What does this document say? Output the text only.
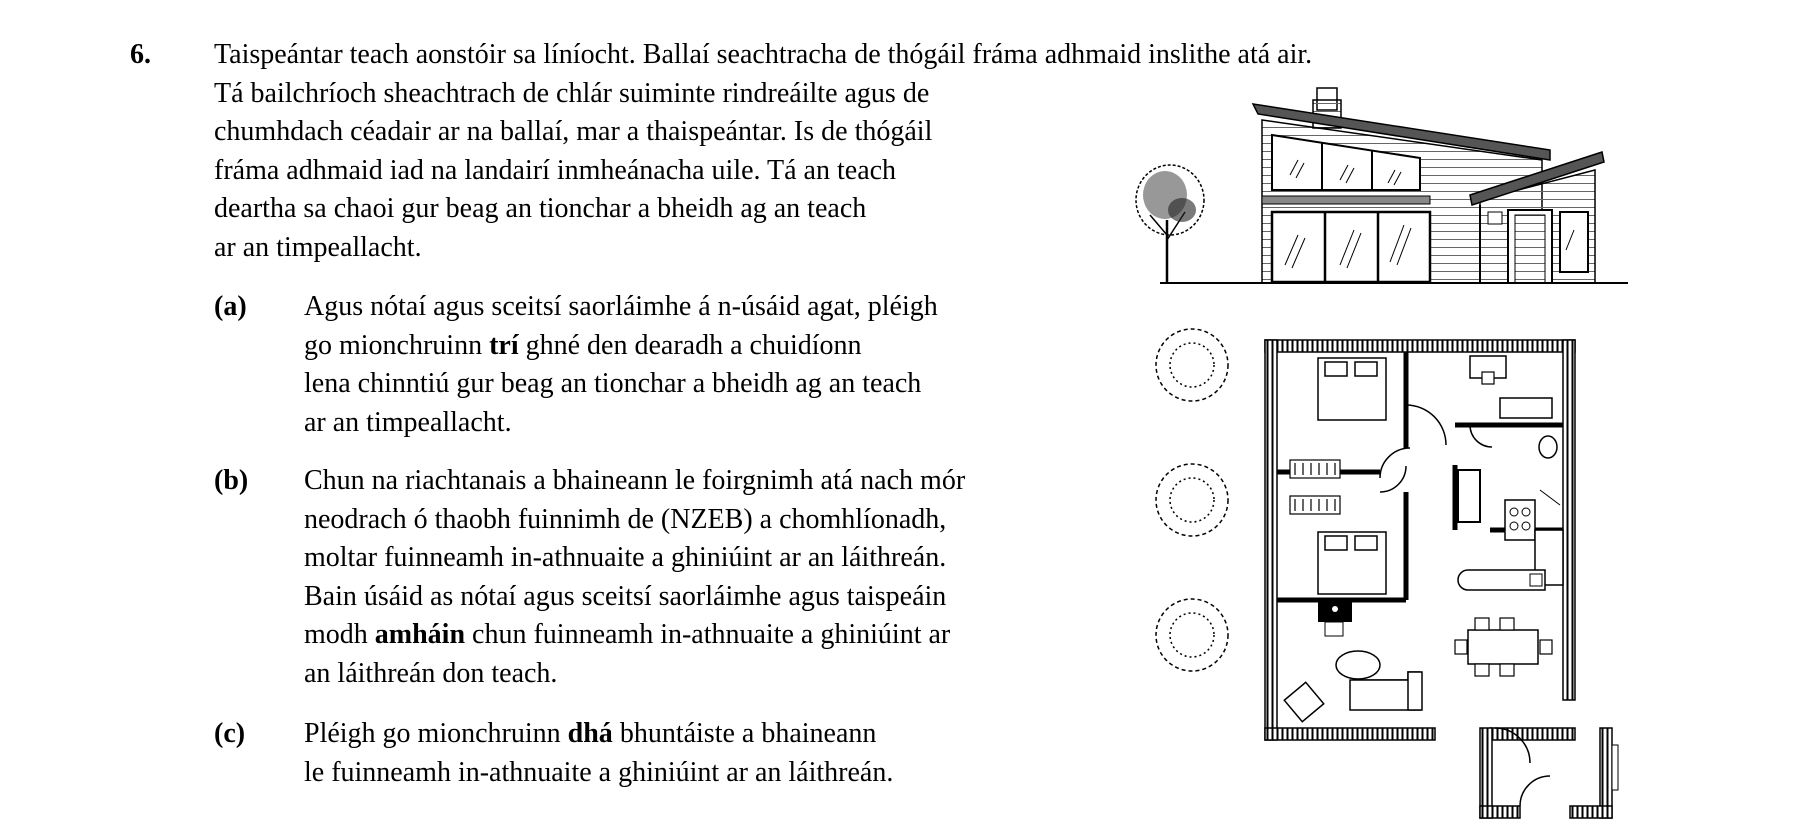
6. Taispeántar teach aonstóir sa líníocht. Ballaí seachtracha de thógáil fráma adhmaid inslithe atá air.
Tá bailchríoch sheachtrach de chlár suiminte rindreáilte agus de
chumhdach céadair ar na ballaí, mar a thaispeántar. Is de thógáil
fráma adhmaid iad na landairí inmheánacha uile. Tá an teach
deartha sa chaoi gur beag an tionchar a bheidh ag an teach
ar an timpeallacht.
(a) Agus nótaí agus sceitsí saorláimhe á n-úsáid agat, pléigh
go mionchruinn trí ghné den dearadh a chuidíonn
lena chinntiú gur beag an tionchar a bheidh ag an teach
ar an timpeallacht.
(b) Chun na riachtanais a bhaineann le foirgnimh atá nach mór
neodrach ó thaobh fuinnimh de (NZEB) a chomhlíonadh,
moltar fuinneamh in-athnuaite a ghiniúint ar an láithreán.
Bain úsáid as nótaí agus sceitsí saorláimhe agus taispeáin
modh amháin chun fuinneamh in-athnuaite a ghiniúint ar
an láithreán don teach.
(c) Pléigh go mionchruinn dhá bhuntáiste a bhaineann
le fuinneamh in-athnuaite a ghiniúint ar an láithreán.
